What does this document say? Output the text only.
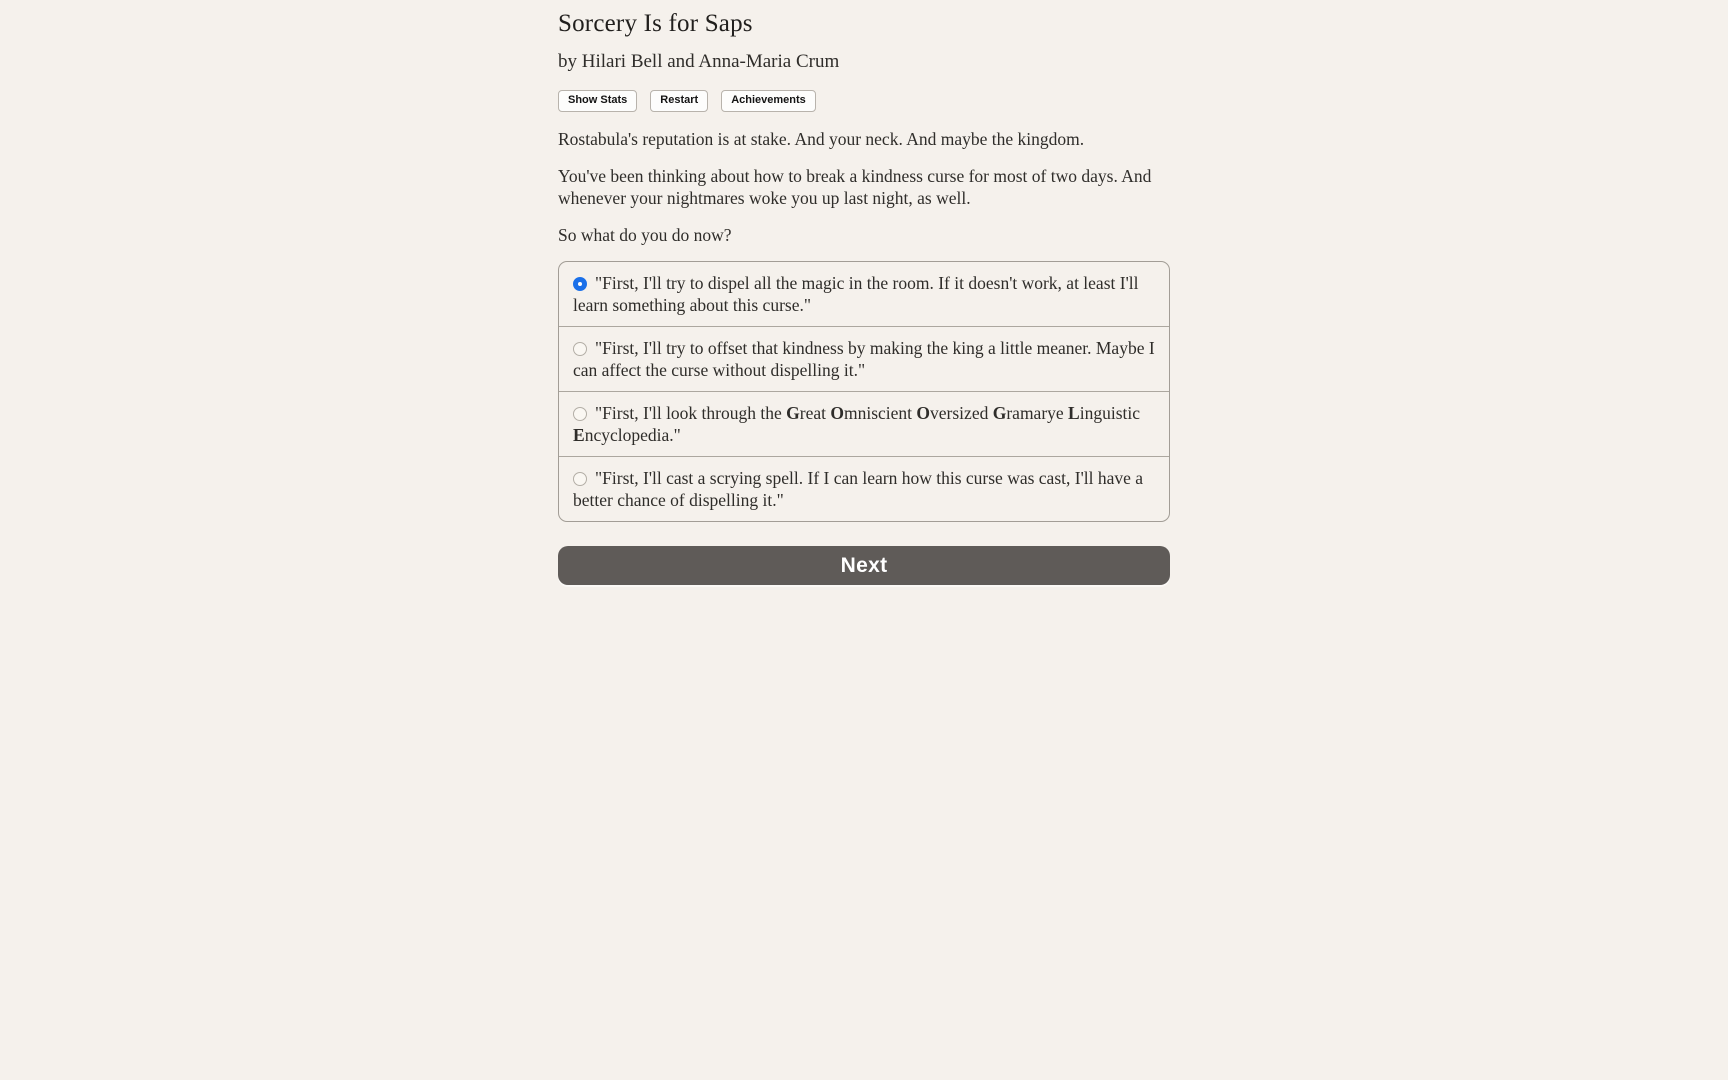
Sorcery Is for Saps
by Hilari Bell and Anna-Maria Crum
Show Stats	Restart	Achievements

Rostabula's reputation is at stake. And your neck. And maybe the kingdom.

You've been thinking about how to break a kindness curse for most of two days. And whenever your nightmares woke you up last night, as well.

So what do you do now?

"First, I'll try to dispel all the magic in the room. If it doesn't work, at least I'll learn something about this curse."
"First, I'll try to offset that kindness by making the king a little meaner. Maybe I can affect the curse without dispelling it."
"First, I'll look through the Great Omniscient Oversized Gramarye Linguistic Encyclopedia."
"First, I'll cast a scrying spell. If I can learn how this curse was cast, I'll have a better chance of dispelling it."
Next
